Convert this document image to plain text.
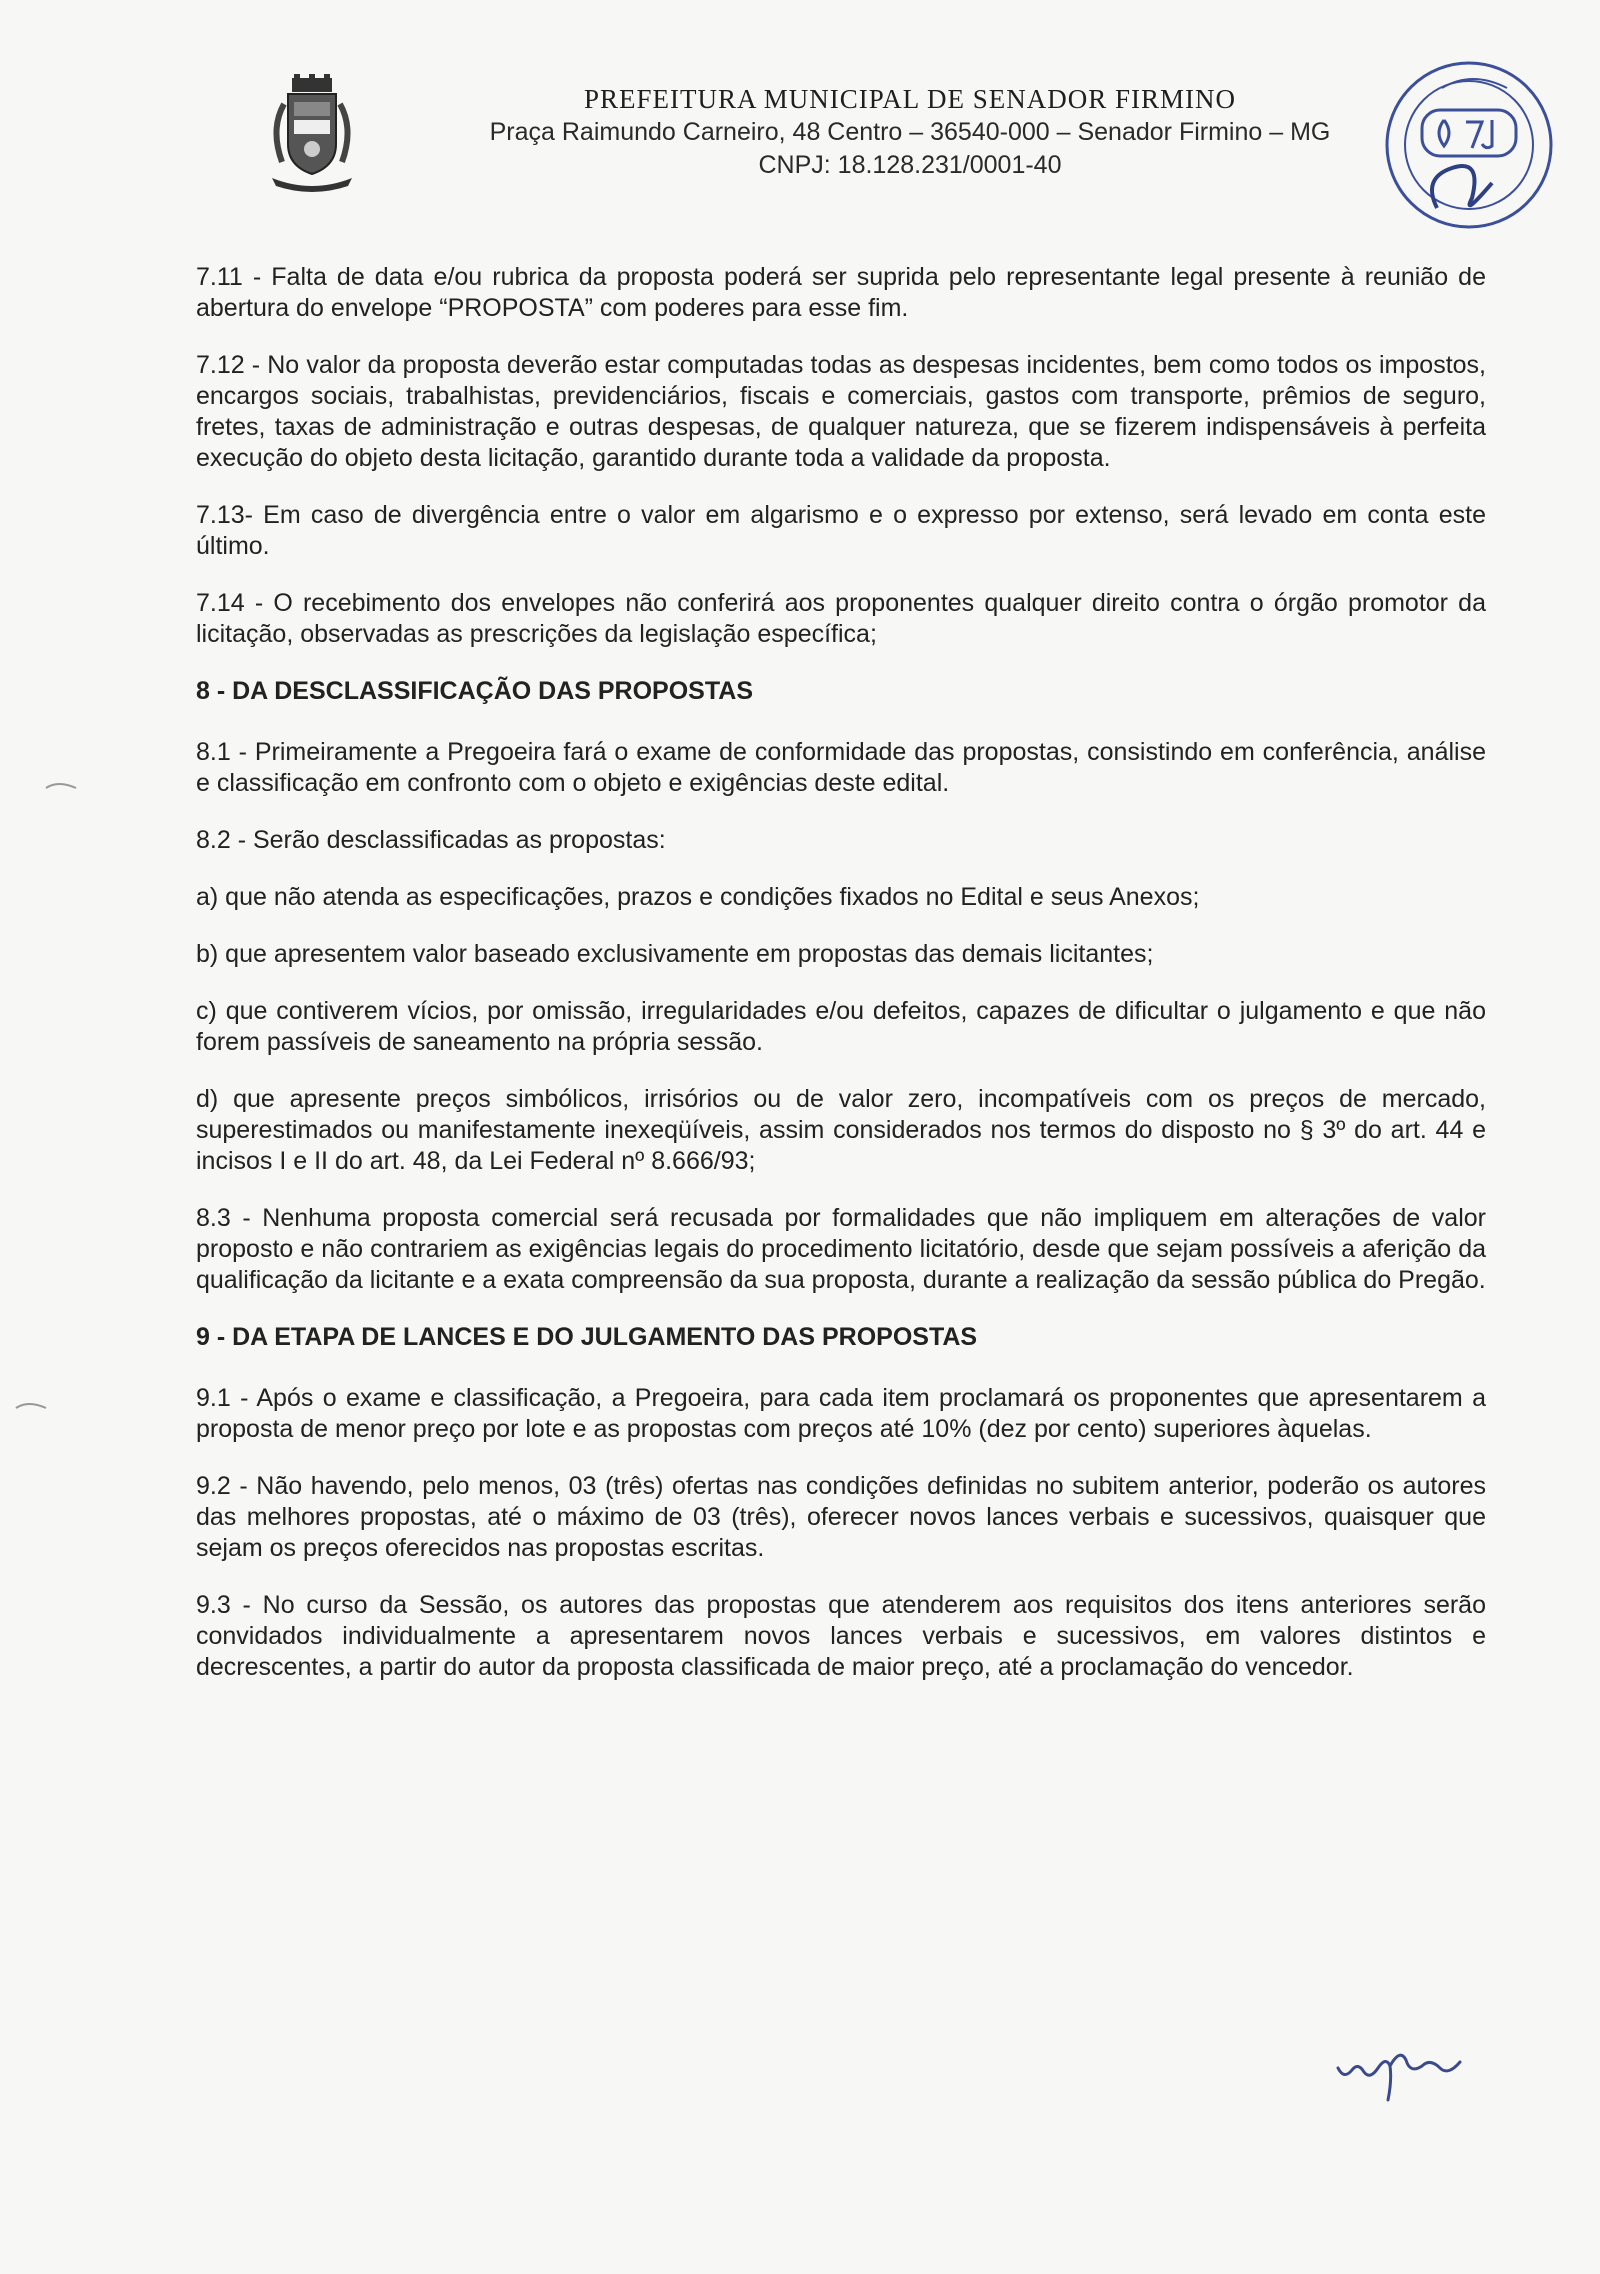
PREFEITURA MUNICIPAL DE SENADOR FIRMINO
Praça Raimundo Carneiro, 48 Centro – 36540-000 – Senador Firmino – MG
CNPJ: 18.128.231/0001-40

7.11 - Falta de data e/ou rubrica da proposta poderá ser suprida pelo representante legal presente à reunião de abertura do envelope “PROPOSTA” com poderes para esse fim.

7.12 - No valor da proposta deverão estar computadas todas as despesas incidentes, bem como todos os impostos, encargos sociais, trabalhistas, previdenciários, fiscais e comerciais, gastos com transporte, prêmios de seguro, fretes, taxas de administração e outras despesas, de qualquer natureza, que se fizerem indispensáveis à perfeita execução do objeto desta licitação, garantido durante toda a validade da proposta.

7.13- Em caso de divergência entre o valor em algarismo e o expresso por extenso, será levado em conta este último.

7.14 - O recebimento dos envelopes não conferirá aos proponentes qualquer direito contra o órgão promotor da licitação, observadas as prescrições da legislação específica;

8 - DA DESCLASSIFICAÇÃO DAS PROPOSTAS

8.1 - Primeiramente a Pregoeira fará o exame de conformidade das propostas, consistindo em conferência, análise e classificação em confronto com o objeto e exigências deste edital.

8.2 - Serão desclassificadas as propostas:

a) que não atenda as especificações, prazos e condições fixados no Edital e seus Anexos;

b) que apresentem valor baseado exclusivamente em propostas das demais licitantes;

c) que contiverem vícios, por omissão, irregularidades e/ou defeitos, capazes de dificultar o julgamento e que não forem passíveis de saneamento na própria sessão.

d) que apresente preços simbólicos, irrisórios ou de valor zero, incompatíveis com os preços de mercado, superestimados ou manifestamente inexeqüíveis, assim considerados nos termos do disposto no § 3º do art. 44 e incisos I e II do art. 48, da Lei Federal nº 8.666/93;

8.3 - Nenhuma proposta comercial será recusada por formalidades que não impliquem em alterações de valor proposto e não contrariem as exigências legais do procedimento licitatório, desde que sejam possíveis a aferição da qualificação da licitante e a exata compreensão da sua proposta, durante a realização da sessão pública do Pregão.

9 - DA ETAPA DE LANCES E DO JULGAMENTO DAS PROPOSTAS

9.1 - Após o exame e classificação, a Pregoeira, para cada item proclamará os proponentes que apresentarem a proposta de menor preço por lote e as propostas com preços até 10% (dez por cento) superiores àquelas.

9.2 - Não havendo, pelo menos, 03 (três) ofertas nas condições definidas no subitem anterior, poderão os autores das melhores propostas, até o máximo de 03 (três), oferecer novos lances verbais e sucessivos, quaisquer que sejam os preços oferecidos nas propostas escritas.

9.3 - No curso da Sessão, os autores das propostas que atenderem aos requisitos dos itens anteriores serão convidados individualmente a apresentarem novos lances verbais e sucessivos, em valores distintos e decrescentes, a partir do autor da proposta classificada de maior preço, até a proclamação do vencedor.
